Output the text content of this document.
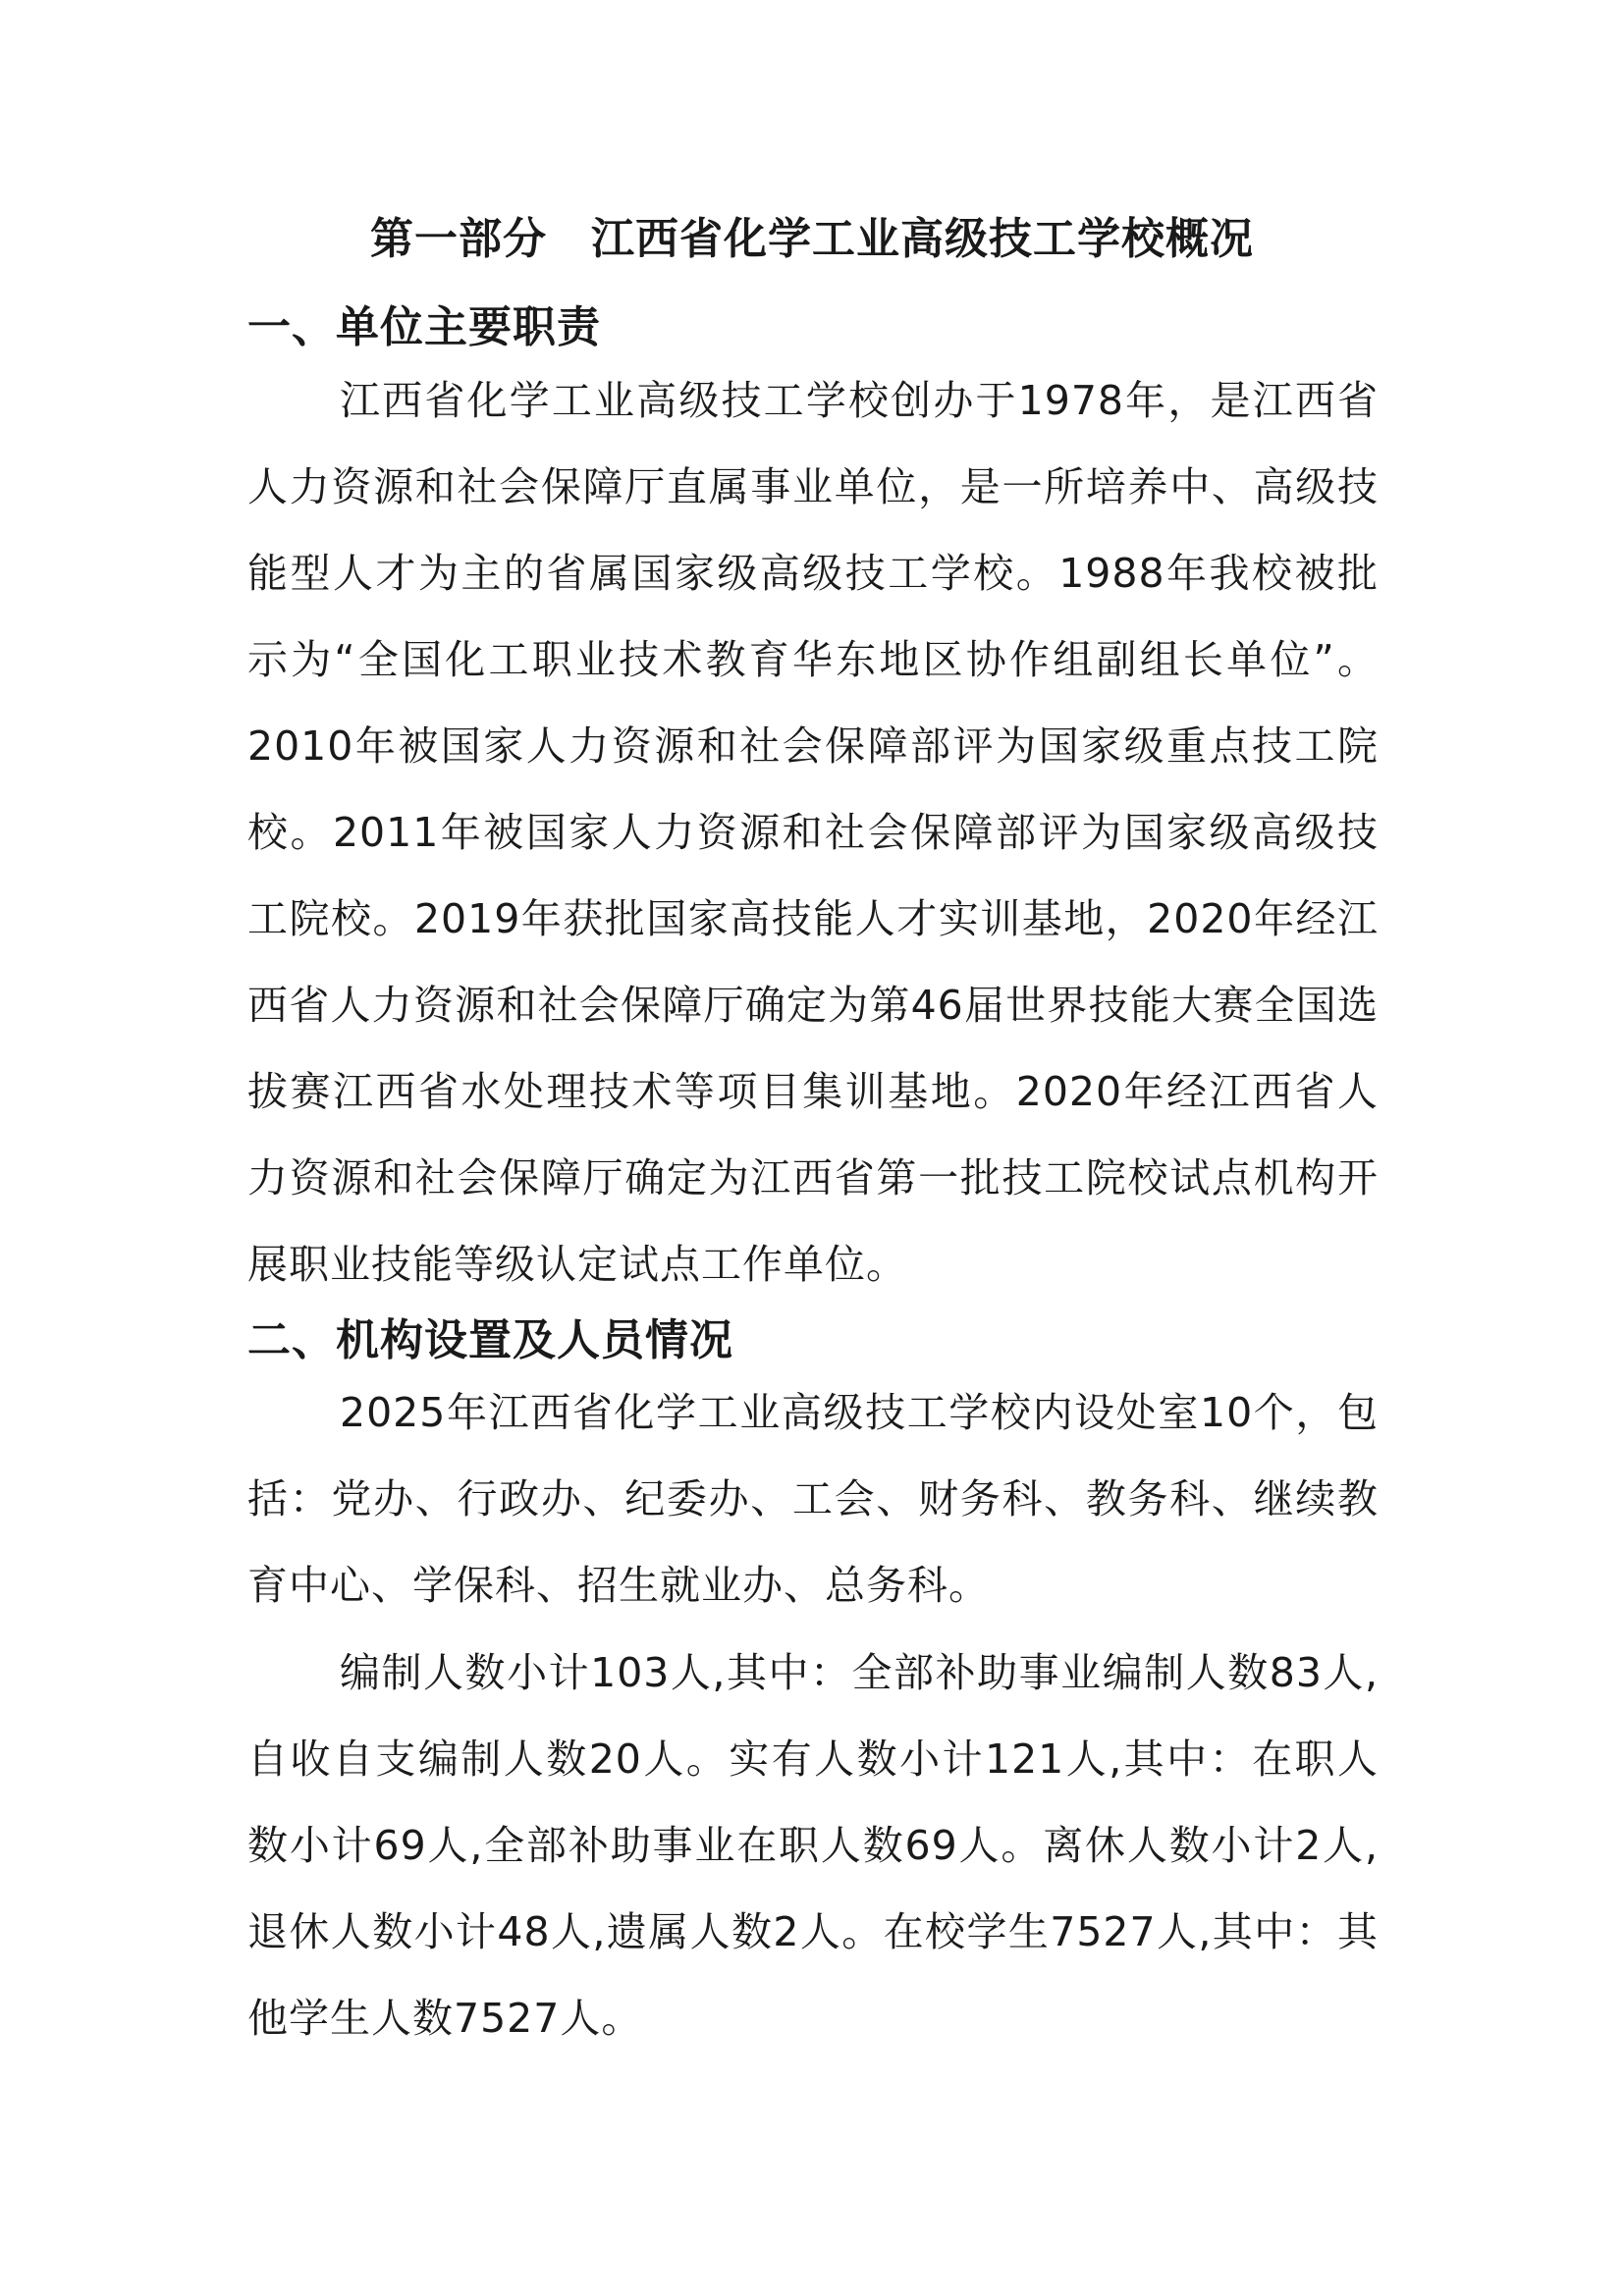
第一部分　江西省化学工业高级技工学校概况
一、单位主要职责

江西省化学工业高级技工学校创办于1978年，是江西省人力资源和社会保障厅直属事业单位，是一所培养中、高级技能型人才为主的省属国家级高级技工学校。1988年我校被批示为“全国化工职业技术教育华东地区协作组副组长单位”。2010年被国家人力资源和社会保障部评为国家级重点技工院校。2011年被国家人力资源和社会保障部评为国家级高级技工院校。2019年获批国家高技能人才实训基地，2020年经江西省人力资源和社会保障厅确定为第46届世界技能大赛全国选拔赛江西省水处理技术等项目集训基地。2020年经江西省人力资源和社会保障厅确定为江西省第一批技工院校试点机构开展职业技能等级认定试点工作单位。

二、机构设置及人员情况

2025年江西省化学工业高级技工学校内设处室10个，包括：党办、行政办、纪委办、工会、财务科、教务科、继续教育中心、学保科、招生就业办、总务科。

编制人数小计103人,其中：全部补助事业编制人数83人,自收自支编制人数20人。实有人数小计121人,其中：在职人数小计69人,全部补助事业在职人数69人。离休人数小计2人,退休人数小计48人,遗属人数2人。在校学生7527人,其中：其他学生人数7527人。
